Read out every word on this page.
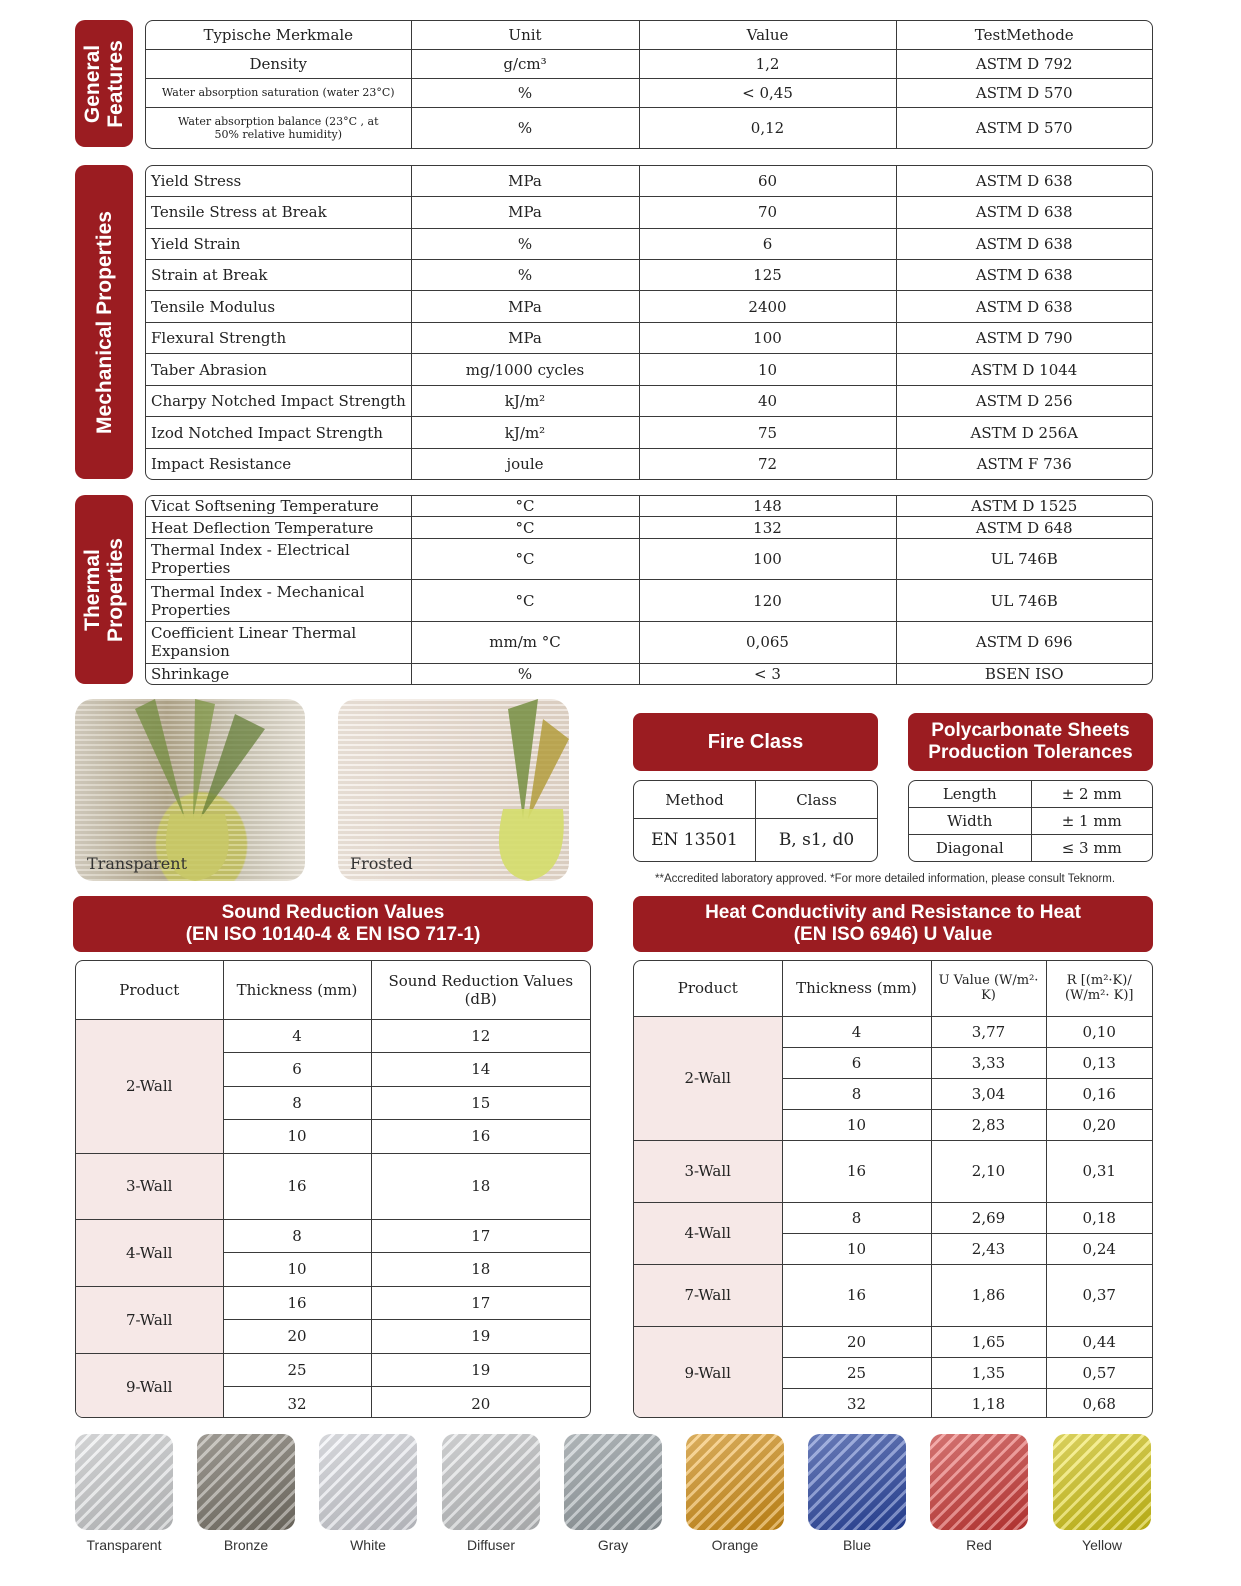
General
Features
Mechanical Properties
Thermal
Properties
Typische Merkmale	Unit	Value	TestMethode
Density	g/cm³	1,2	ASTM D 792
Water absorption saturation (water 23°C)	%	< 0,45	ASTM D 570
Water absorption balance (23°C , at 50% relative humidity)	%	0,12	ASTM D 570
Yield Stress	MPa	60	ASTM D 638
Tensile Stress at Break	MPa	70	ASTM D 638
Yield Strain	%	6	ASTM D 638
Strain at Break	%	125	ASTM D 638
Tensile Modulus	MPa	2400	ASTM D 638
Flexural Strength	MPa	100	ASTM D 790
Taber Abrasion	mg/1000 cycles	10	ASTM D 1044
Charpy Notched Impact Strength	kJ/m²	40	ASTM D 256
Izod Notched Impact Strength	kJ/m²	75	ASTM D 256A
Impact Resistance	joule	72	ASTM F 736
Vicat Softsening Temperature	°C	148	ASTM D 1525
Heat Deflection Temperature	°C	132	ASTM D 648
Thermal Index - Electrical Properties	°C	100	UL 746B
Thermal Index - Mechanical Properties	°C	120	UL 746B
Coefficient Linear Thermal Expansion	mm/m °C	0,065	ASTM D 696
Shrinkage	%	< 3	BSEN ISO
Transparent	Frosted
Fire Class
Method	Class
EN 13501	B, s1, d0
Polycarbonate Sheets
Production Tolerances
Length	± 2 mm
Width	± 1 mm
Diagonal	≤ 3 mm
**Accredited laboratory approved. *For more detailed information, please consult Teknorm.
Sound Reduction Values
(EN ISO 10140-4 & EN ISO 717-1)
Product	Thickness (mm)	Sound Reduction Values (dB)
2-Wall	4	12
	6	14
	8	15
	10	16
3-Wall	16	18
4-Wall	8	17
	10	18
7-Wall	16	17
	20	19
9-Wall	25	19
	32	20
Heat Conductivity and Resistance to Heat
(EN ISO 6946) U Value
Product	Thickness (mm)	U Value (W/m²· K)	R [(m²·K)/ (W/m²· K)]
2-Wall	4	3,77	0,10
	6	3,33	0,13
	8	3,04	0,16
	10	2,83	0,20
3-Wall	16	2,10	0,31
4-Wall	8	2,69	0,18
	10	2,43	0,24
7-Wall	16	1,86	0,37
9-Wall	20	1,65	0,44
	25	1,35	0,57
	32	1,18	0,68
Transparent	Bronze	White	Diffuser	Gray	Orange	Blue	Red	Yellow
